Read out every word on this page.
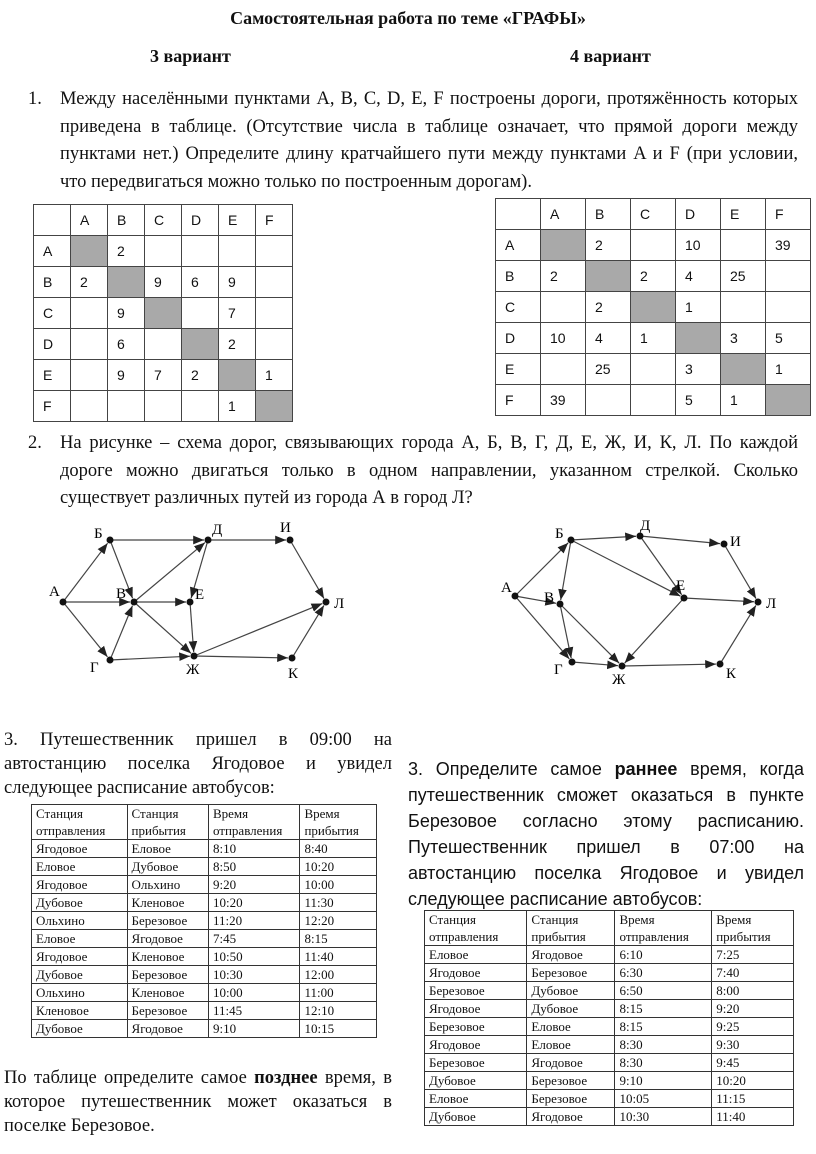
Самостоятельная работа по теме «ГРАФЫ»
3 вариант	4 вариант
1. Между населёнными пунктами A, B, C, D, E, F построены дороги, протяжённость которых приведена в таблице. (Отсутствие числа в таблице означает, что прямой дороги между пунктами нет.) Определите длину кратчайшего пути между пунктами A и F (при условии, что передвигаться можно только по построенным дорогам).
	A	B	C	D	E	F
A		2				
B	2		9	6	9	
C		9			7	
D		6			2	
E		9	7	2		1
F					1	
	A	B	C	D	E	F
A		2		10		39
B	2		2	4	25	
C		2		1		
D	10	4	1		3	5
E		25		3		1
F	39			5	1	
2. На рисунке – схема дорог, связывающих города А, Б, В, Г, Д, Е, Ж, И, К, Л. По каждой дороге можно двигаться только в одном направлении, указанном стрелкой. Сколько существует различных путей из города А в город Л?
А
Б
В
Г
Д
Е
Ж
И
К
Л
А
Б
В
Г
Д
Е
Ж
И
К
Л
3. Путешественник пришел в 09:00 на автостанцию поселка Ягодовое и увидел следующее расписание автобусов:
Станция отправления	Станция прибытия	Время отправления	Время прибытия
Ягодовое	Еловое	8:10	8:40
Еловое	Дубовое	8:50	10:20
Ягодовое	Ольхино	9:20	10:00
Дубовое	Кленовое	10:20	11:30
Ольхино	Березовое	11:20	12:20
Еловое	Ягодовое	7:45	8:15
Ягодовое	Кленовое	10:50	11:40
Дубовое	Березовое	10:30	12:00
Ольхино	Кленовое	10:00	11:00
Кленовое	Березовое	11:45	12:10
Дубовое	Ягодовое	9:10	10:15
По таблице определите самое позднее время, в которое путешественник может оказаться в поселке Березовое.
3. Определите самое раннее время, когда путешественник сможет оказаться в пункте Березовое согласно этому расписанию. Путешественник пришел в 07:00 на автостанцию поселка Ягодовое и увидел следующее расписание автобусов:
Станция отправления	Станция прибытия	Время отправления	Время прибытия
Еловое	Ягодовое	6:10	7:25
Ягодовое	Березовое	6:30	7:40
Березовое	Дубовое	6:50	8:00
Ягодовое	Дубовое	8:15	9:20
Березовое	Еловое	8:15	9:25
Ягодовое	Еловое	8:30	9:30
Березовое	Ягодовое	8:30	9:45
Дубовое	Березовое	9:10	10:20
Еловое	Березовое	10:05	11:15
Дубовое	Ягодовое	10:30	11:40
